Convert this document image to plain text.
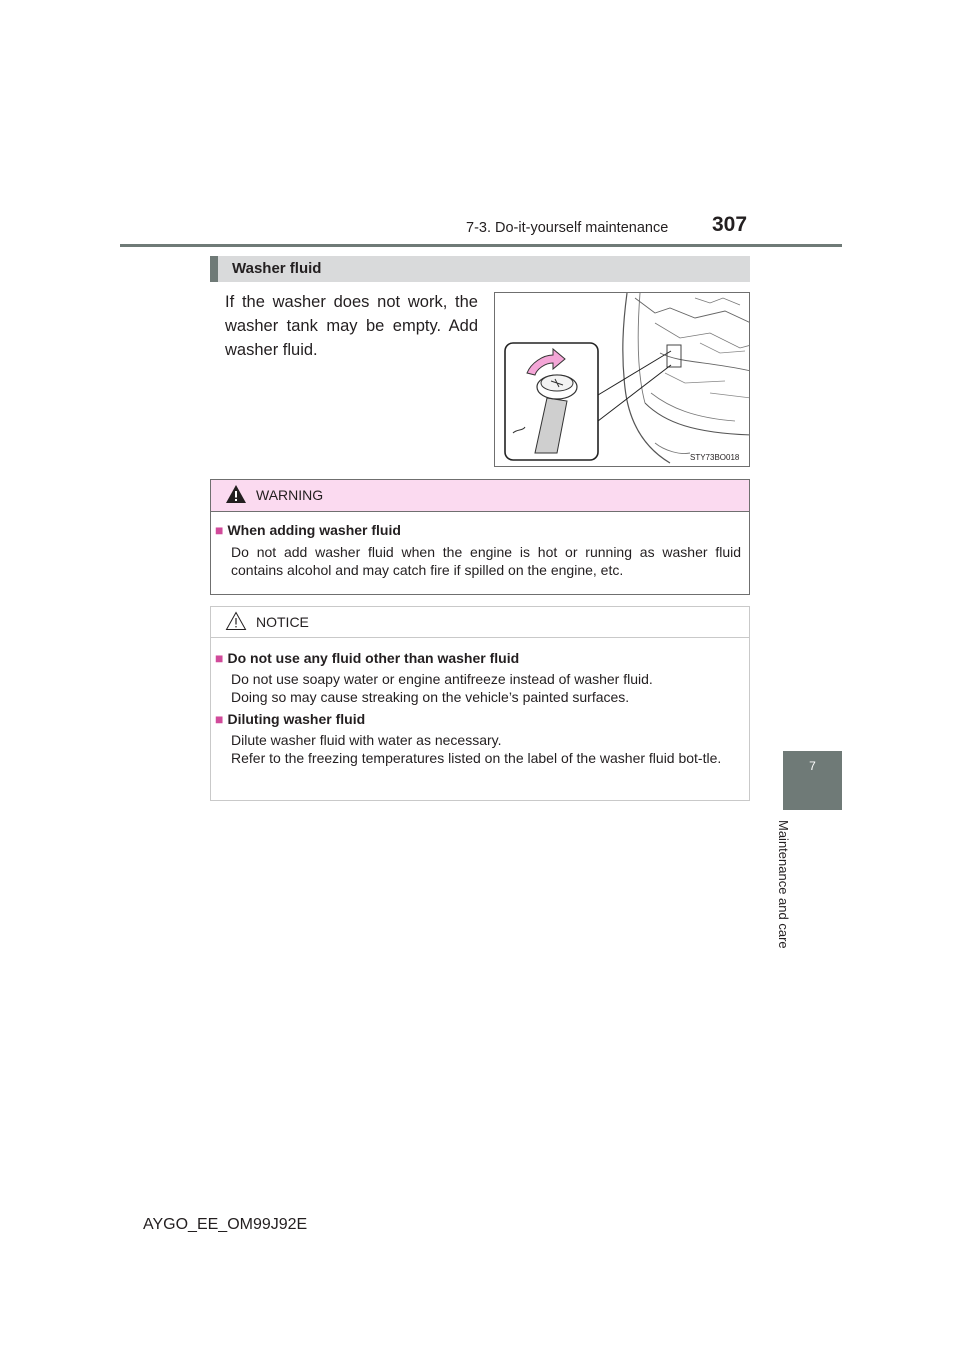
7-3. Do-it-yourself maintenance 307
7
Maintenance and care
Washer fluid
If the washer does not work, the washer tank may be empty. Add washer fluid.
STY73BO018
WARNING
■ When adding washer fluid
Do not add washer fluid when the engine is hot or running as washer fluid contains alcohol and may catch fire if spilled on the engine, etc.
NOTICE
■ Do not use any fluid other than washer fluid
Do not use soapy water or engine antifreeze instead of washer fluid.
Doing so may cause streaking on the vehicle’s painted surfaces.
■ Diluting washer fluid
Dilute washer fluid with water as necessary.
Refer to the freezing temperatures listed on the label of the washer fluid bot-tle.
AYGO_EE_OM99J92E
